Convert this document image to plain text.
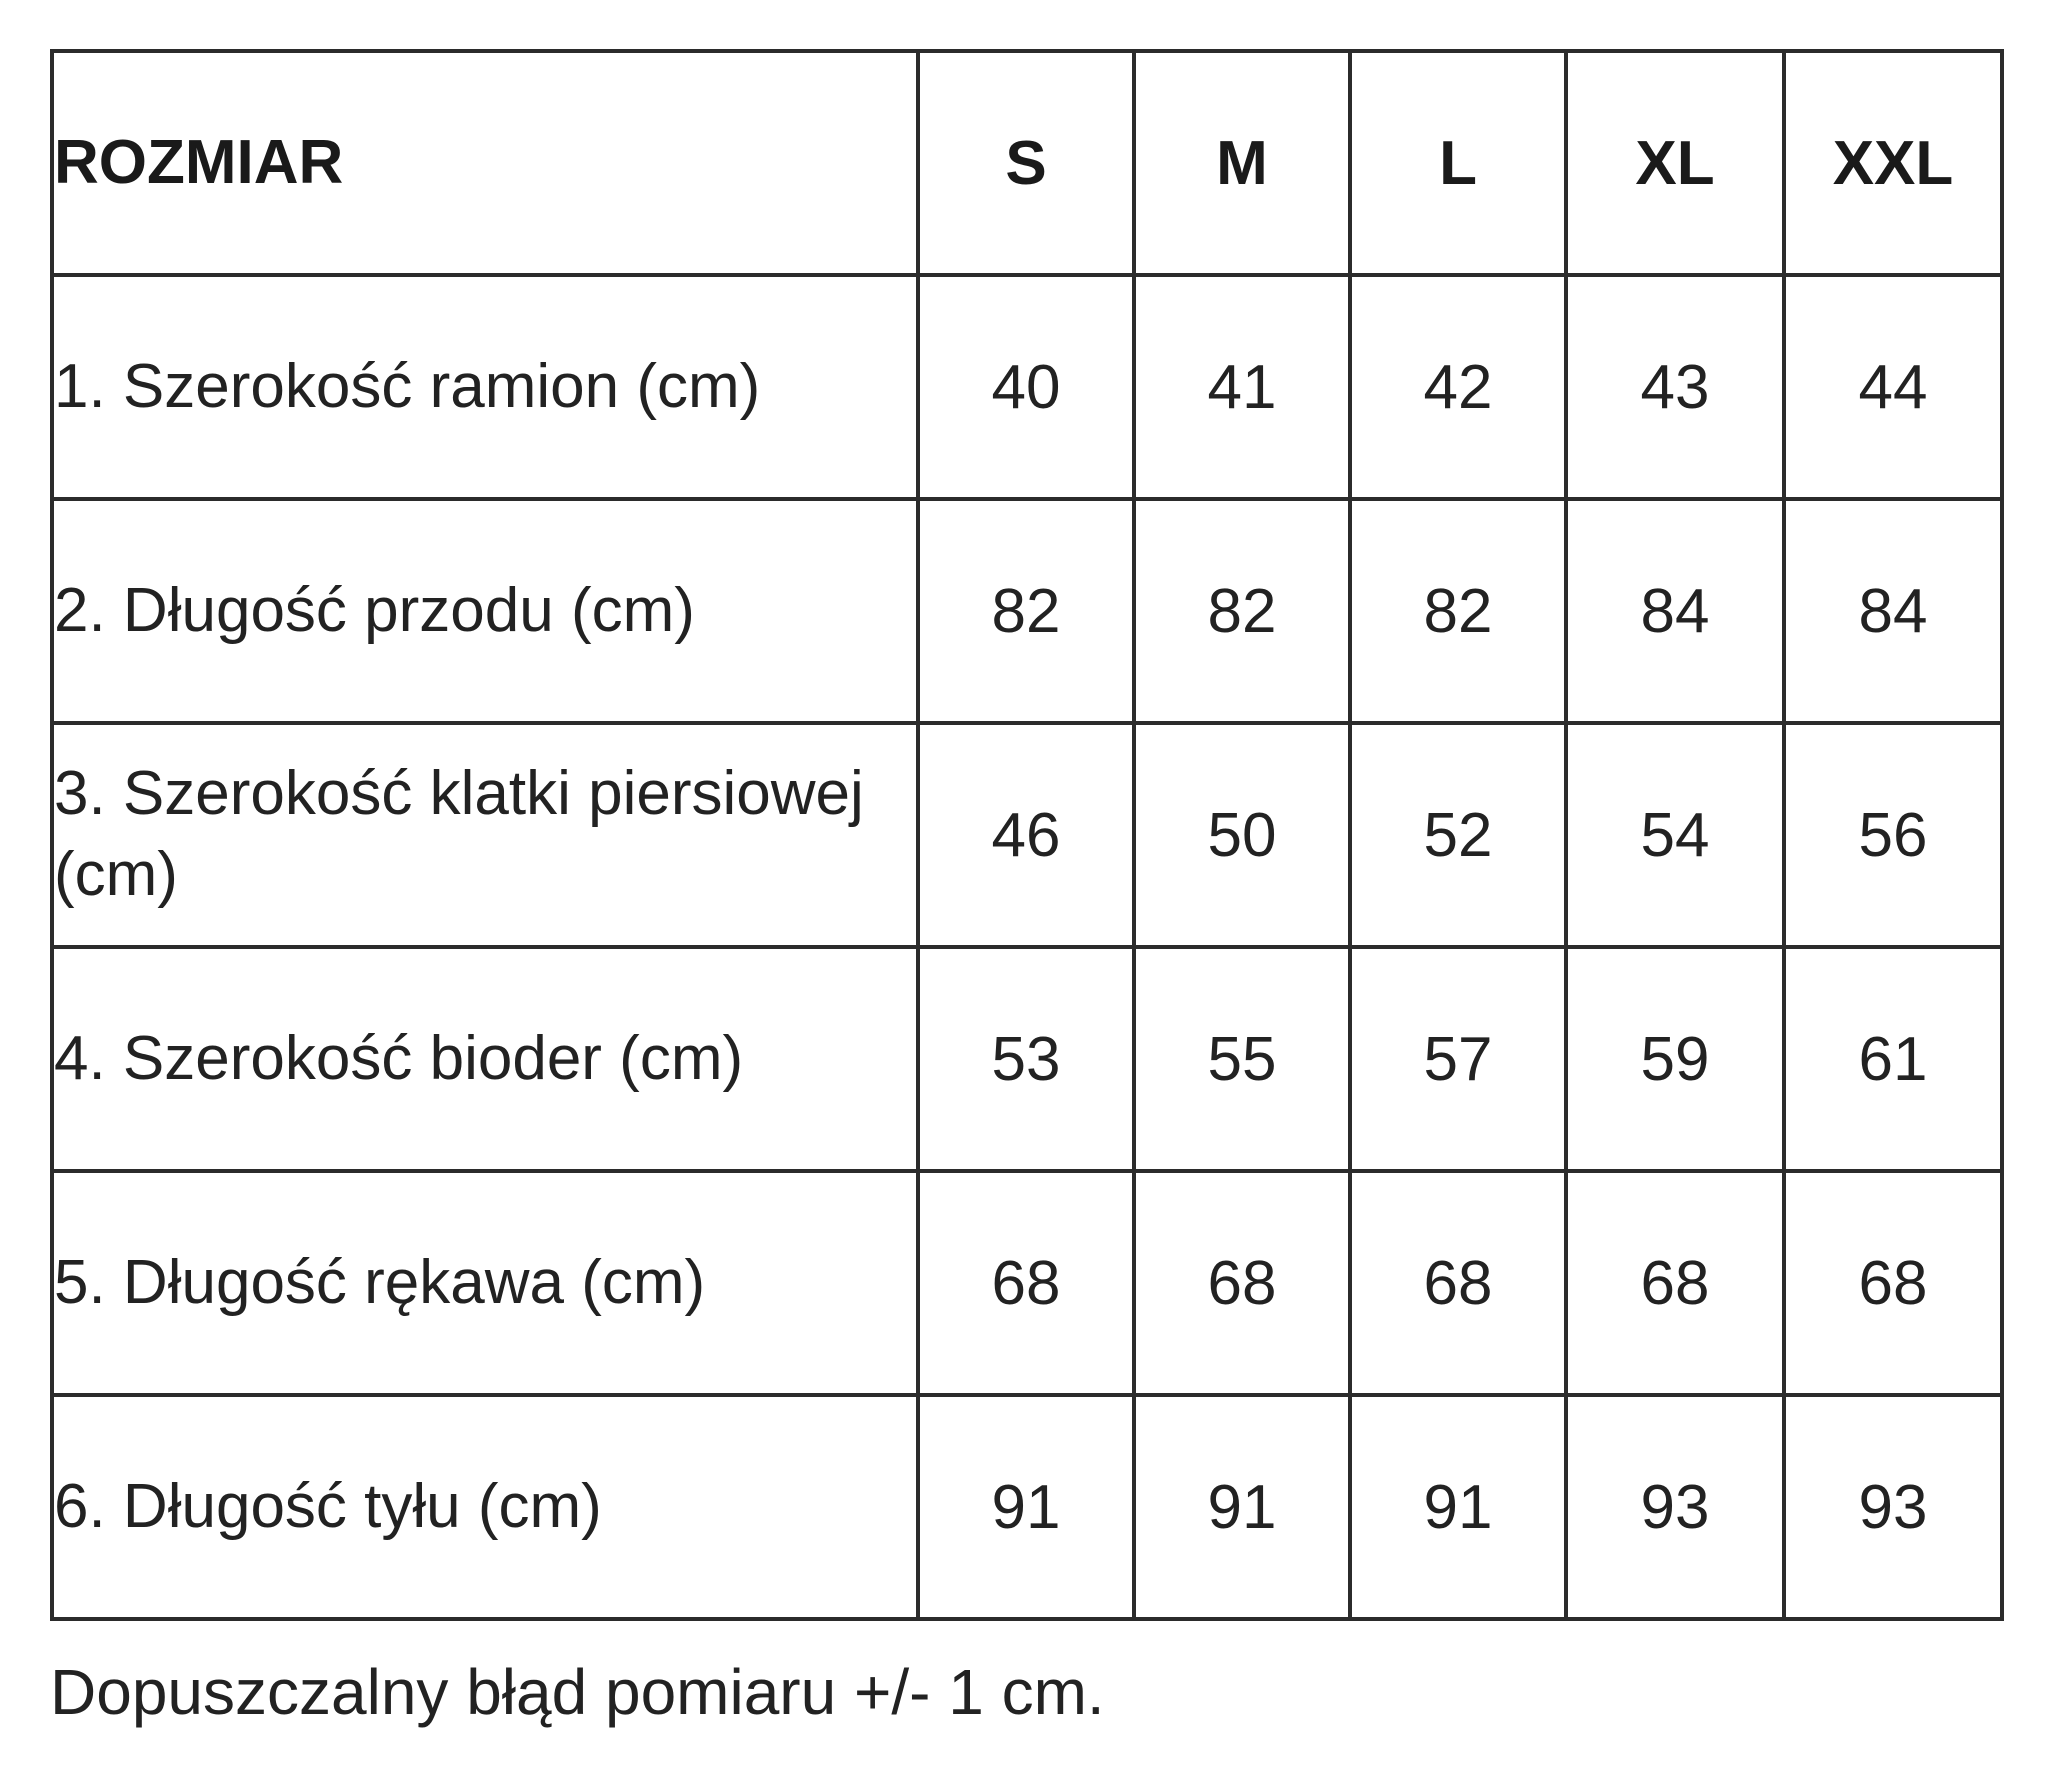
ROZMIAR	S	M	L	XL	XXL
1. Szerokość ramion (cm)	40	41	42	43	44
2. Długość przodu (cm)	82	82	82	84	84
3. Szerokość klatki piersiowej (cm)	46	50	52	54	56
4. Szerokość bioder (cm)	53	55	57	59	61
5. Długość rękawa (cm)	68	68	68	68	68
6. Długość tyłu (cm)	91	91	91	93	93
Dopuszczalny błąd pomiaru +/- 1 cm.
